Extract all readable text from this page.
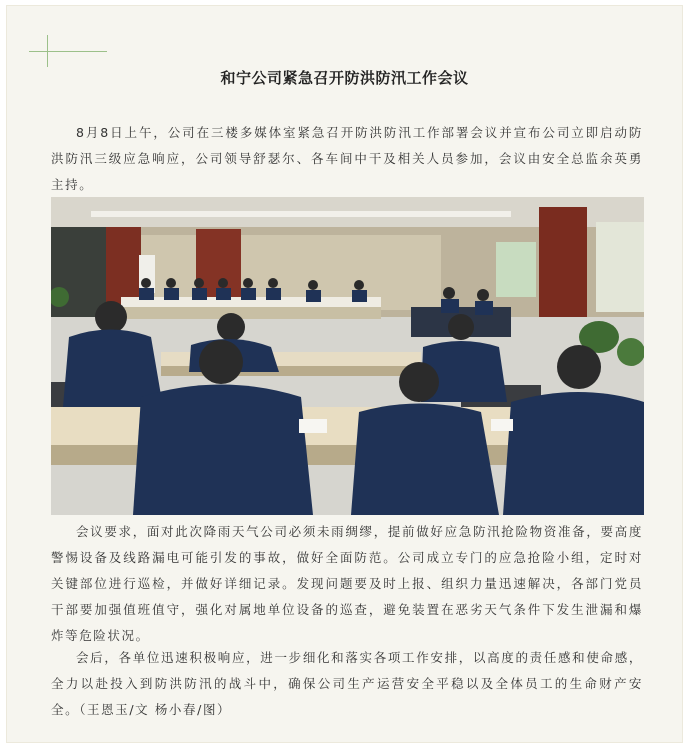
和宁公司紧急召开防洪防汛工作会议
8月8日上午，公司在三楼多媒体室紧急召开防洪防汛工作部署会议并宣布公司立即启动防洪防汛三级应急响应，公司领导舒瑟尔、各车间中干及相关人员参加，会议由安全总监余英勇主持。
会议要求，面对此次降雨天气公司必须未雨绸缪，提前做好应急防汛抢险物资准备，要高度警惕设备及线路漏电可能引发的事故，做好全面防范。公司成立专门的应急抢险小组，定时对关键部位进行巡检，并做好详细记录。发现问题要及时上报、组织力量迅速解决，各部门党员干部要加强值班值守，强化对属地单位设备的巡查，避免装置在恶劣天气条件下发生泄漏和爆炸等危险状况。
会后，各单位迅速积极响应，进一步细化和落实各项工作安排，以高度的责任感和使命感，全力以赴投入到防洪防汛的战斗中，确保公司生产运营安全平稳以及全体员工的生命财产安全。（王恩玉/文 杨小春/图）
